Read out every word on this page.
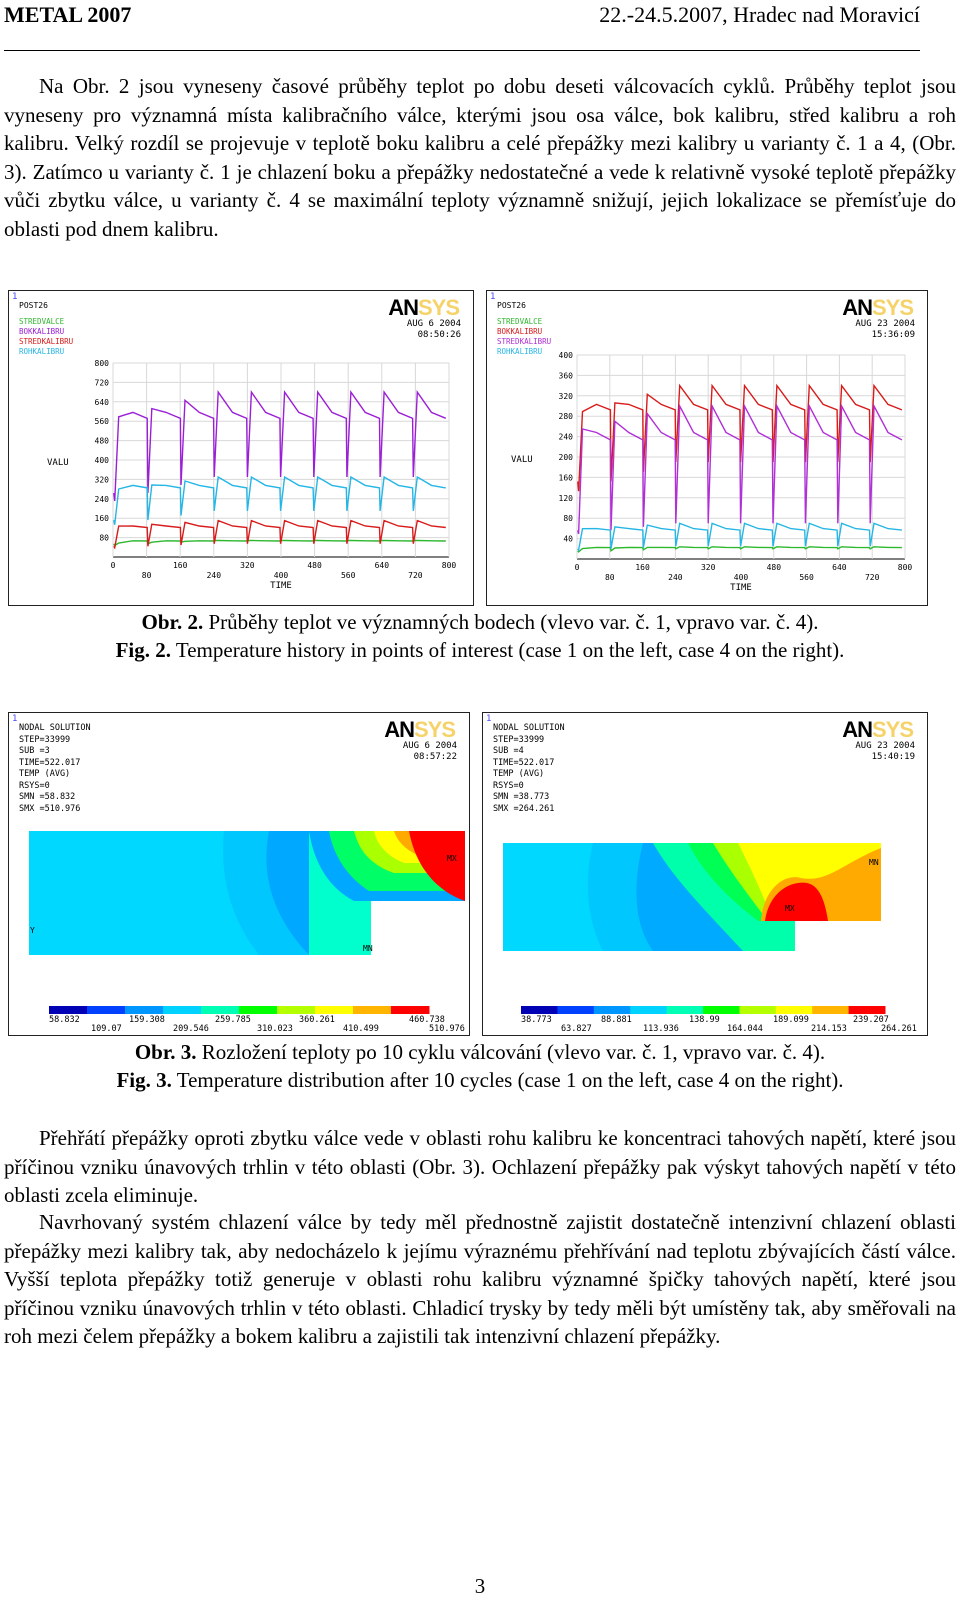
METAL 2007	22.-24.5.2007, Hradec nad Moravicí

Na Obr. 2 jsou vyneseny časové průběhy teplot po dobu deseti válcovacích cyklů. Průběhy teplot jsou vyneseny pro významná místa kalibračního válce, kterými jsou osa válce, bok kalibru, střed kalibru a roh kalibru. Velký rozdíl se projevuje v teplotě boku kalibru a celé přepážky mezi kalibry u varianty č. 1 a 4, (Obr. 3). Zatímco u varianty č. 1 je chlazení boku a přepážky nedostatečné a vede k relativně vysoké teplotě přepážky vůči zbytku válce, u varianty č. 4 se maximální teploty významně snižují, jejich lokalizace se přemísťuje do oblasti pod dnem kalibru.

1	ANSYS
AUG 6 2004
08:50:26
80
160
240
320
400
480
560
640
720
800
0
80
160
240
320
400
480
560
640
720
800
VALU
TIME
POST26
STREDVALCE
BOKKALIBRU
STREDKALIBRU
ROHKALIBRU
1	ANSYS
AUG 23 2004
15:36:09
40
80
120
160
200
240
280
320
360
400
0
80
160
240
320
400
480
560
640
720
800
VALU
TIME
POST26
STREDVALCE
BOKKALIBRU
STREDKALIBRU
ROHKALIBRU
Obr. 2. Průběhy teplot ve významných bodech (vlevo var. č. 1, vpravo var. č. 4).
Fig. 2. Temperature history in points of interest (case 1 on the left, case 4 on the right).
1	ANSYS
AUG 6 2004
08:57:22
NODAL SOLUTION
STEP=33999
SUB =3
TIME=522.017
TEMP (AVG)
RSYS=0
SMN =58.832
SMX =510.976
MX
MN
Y
58.832	159.308	259.785	360.261	460.738
109.07	209.546	310.023	410.499	510.976
1	ANSYS
AUG 23 2004
15:40:19
NODAL SOLUTION
STEP=33999
SUB =4
TIME=522.017
TEMP (AVG)
RSYS=0
SMN =38.773
SMX =264.261
MN
MX
38.773	88.881	138.99	189.099	239.207
63.827	113.936	164.044	214.153	264.261
Obr. 3. Rozložení teploty po 10 cyklu válcování (vlevo var. č. 1, vpravo var. č. 4).
Fig. 3. Temperature distribution after 10 cycles (case 1 on the left, case 4 on the right).

Přehřátí přepážky oproti zbytku válce vede v oblasti rohu kalibru ke koncentraci tahových napětí, které jsou příčinou vzniku únavových trhlin v této oblasti (Obr. 3). Ochlazení přepážky pak výskyt tahových napětí v této oblasti zcela eliminuje.

Navrhovaný systém chlazení válce by tedy měl přednostně zajistit dostatečně intenzivní chlazení oblasti přepážky mezi kalibry tak, aby nedocházelo k jejímu výraznému přehřívání nad teplotu zbývajících částí válce. Vyšší teplota přepážky totiž generuje v oblasti rohu kalibru významné špičky tahových napětí, které jsou příčinou vzniku únavových trhlin v této oblasti. Chladicí trysky by tedy měli být umístěny tak, aby směřovali na roh mezi čelem přepážky a bokem kalibru a zajistili tak intenzivní chlazení přepážky.

3
